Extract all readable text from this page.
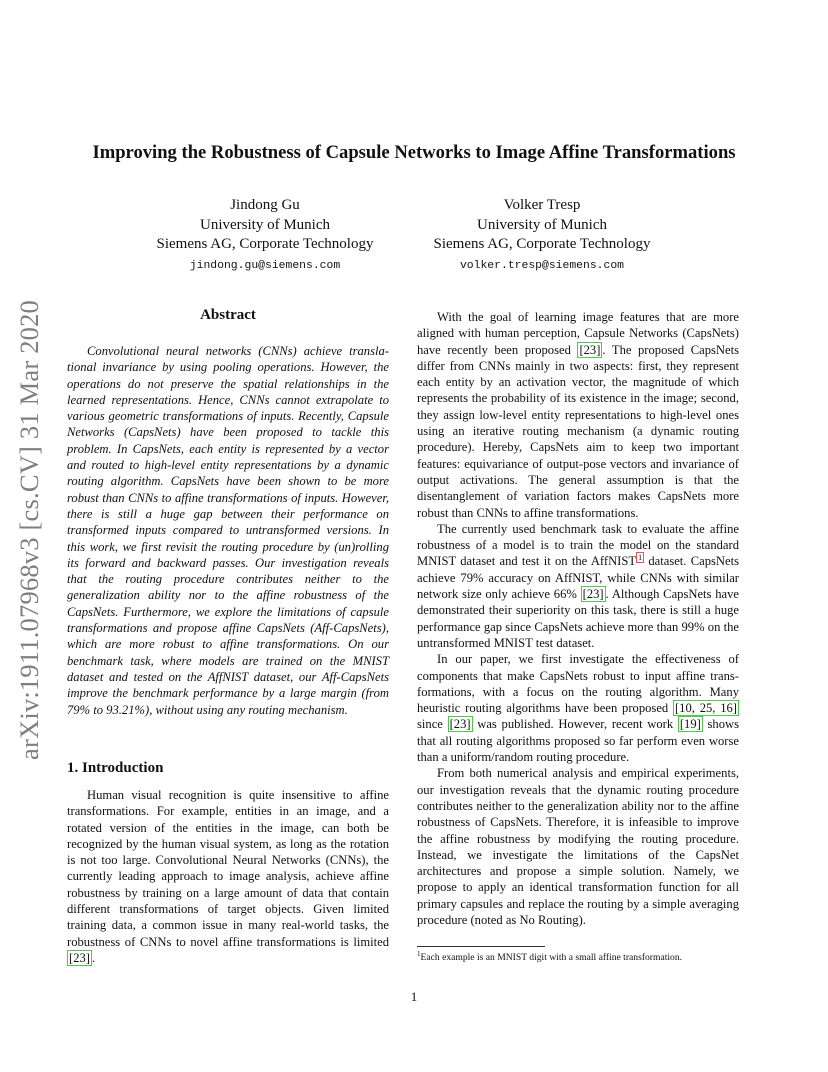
arXiv:1911.07968v3 [cs.CV] 31 Mar 2020
Improving the Robustness of Capsule Networks to Image Affine Transformations
Jindong Gu
University of Munich
Siemens AG, Corporate Technology
jindong.gu@siemens.com
Volker Tresp
University of Munich
Siemens AG, Corporate Technology
volker.tresp@siemens.com
Abstract

Convolutional neural networks (CNNs) achieve translational invariance by using pooling operations. However, the operations do not preserve the spatial relationships in the learned representations. Hence, CNNs cannot extrapolate to various geometric transformations of inputs. Recently, Capsule Networks (CapsNets) have been proposed to tackle this problem. In CapsNets, each entity is represented by a vector and routed to high-level entity representations by a dynamic routing algorithm. CapsNets have been shown to be more robust than CNNs to affine transformations of inputs. However, there is still a huge gap between their performance on transformed inputs compared to untransformed versions. In this work, we first revisit the routing procedure by (un)rolling its forward and backward passes. Our investigation reveals that the routing procedure contributes neither to the generalization ability nor to the affine robustness of the CapsNets. Furthermore, we explore the limitations of capsule transformations and propose affine CapsNets (Aff-CapsNets), which are more robust to affine transformations. On our benchmark task, where models are trained on the MNIST dataset and tested on the AffNIST dataset, our Aff-CapsNets improve the benchmark performance by a large margin (from 79% to 93.21%), without using any routing mechanism.

1. Introduction

Human visual recognition is quite insensitive to affine transformations. For example, entities in an image, and a rotated version of the entities in the image, can both be recognized by the human visual system, as long as the rotation is not too large. Convolutional Neural Networks (CNNs), the currently leading approach to image analysis, achieve affine robustness by training on a large amount of data that contain different transformations of target objects. Given limited training data, a common issue in many real-world tasks, the robustness of CNNs to novel affine transformations is limited [23] .

With the goal of learning image features that are more aligned with human perception, Capsule Networks (CapsNets) have recently been proposed [23] . The proposed CapsNets differ from CNNs mainly in two aspects: first, they represent each entity by an activation vector, the magnitude of which represents the probability of its existence in the image; second, they assign low-level entity representations to high-level ones using an iterative routing mechanism (a dynamic routing procedure). Hereby, CapsNets aim to keep two important features: equivariance of output-pose vectors and invariance of output activations. The general assumption is that the disentanglement of variation factors makes CapsNets more robust than CNNs to affine transformations.

The currently used benchmark task to evaluate the affine robustness of a model is to train the model on the standard MNIST dataset and test it on the AffNIST $^1$ dataset. CapsNets achieve 79% accuracy on AffNIST, while CNNs with similar network size only achieve 66% [23] . Although CapsNets have demonstrated their superiority on this task, there is still a huge performance gap since CapsNets achieve more than 99% on the untransformed MNIST test dataset.

In our paper, we first investigate the effectiveness of components that make CapsNets robust to input affine transformations, with a focus on the routing algorithm. Many heuristic routing algorithms have been proposed [10, 25, 16] since [23] was published. However, recent work [19] shows that all routing algorithms proposed so far perform even worse than a uniform/random routing procedure.

From both numerical analysis and empirical experiments, our investigation reveals that the dynamic routing procedure contributes neither to the generalization ability nor to the affine robustness of CapsNets. Therefore, it is infeasible to improve the affine robustness by modifying the routing procedure. Instead, we investigate the limitations of the CapsNet architectures and propose a simple solution. Namely, we propose to apply an identical transformation function for all primary capsules and replace the routing by a simple averaging procedure (noted as No Routing).

$^1$Each example is an MNIST digit with a small affine transformation.
1
